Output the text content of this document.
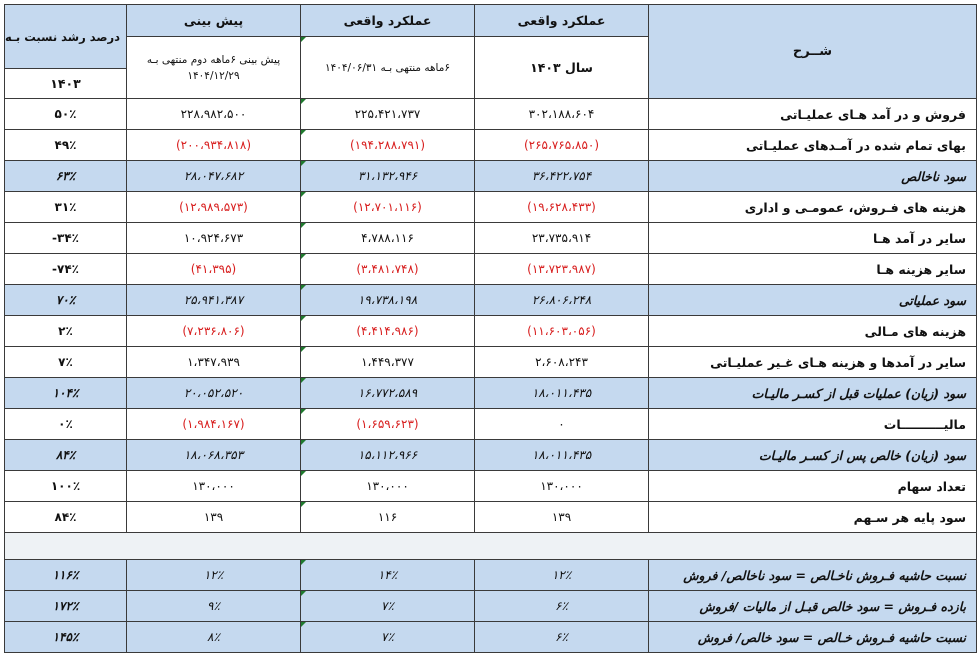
درصد رشد نسبت بـه	پیش بینی	عملکرد واقعی	عملکرد واقعی	شــرح
	پیش بینی ۶ماهه دوم منتهی بـه ۱۴۰۴/۱۲/۲۹	۶ماهه منتهی بـه ۱۴۰۴/۰۶/۳۱	سال ۱۴۰۳	
۱۴۰۳				
۵۰٪	۲۲۸،۹۸۲،۵۰۰	۲۲۵،۴۲۱،۷۳۷	۳۰۲،۱۸۸،۶۰۴	فروش و در آمد هـای عملیـاتی
۴۹٪	(۲۰۰،۹۳۴،۸۱۸)	(۱۹۴،۲۸۸،۷۹۱)	(۲۶۵،۷۶۵،۸۵۰)	بهای تمام شده در آمـدهای عملیـاتی
۶۳٪	۲۸،۰۴۷،۶۸۲	۳۱،۱۳۲،۹۴۶	۳۶،۴۲۲،۷۵۴	سود ناخالص
۳۱٪	(۱۲،۹۸۹،۵۷۳)	(۱۲،۷۰۱،۱۱۶)	(۱۹،۶۲۸،۴۳۳)	هزینه های فـروش، عمومـی و اداری
-۳۴٪	۱۰،۹۲۴،۶۷۳	۴،۷۸۸،۱۱۶	۲۳،۷۳۵،۹۱۴	سایر در آمد هـا
-۷۴٪	(۴۱،۳۹۵)	(۳،۴۸۱،۷۴۸)	(۱۳،۷۲۳،۹۸۷)	سایر هزینه هـا
۷۰٪	۲۵،۹۴۱،۳۸۷	۱۹،۷۳۸،۱۹۸	۲۶،۸۰۶،۲۴۸	سود عملیاتی
۲٪	(۷،۲۳۶،۸۰۶)	(۴،۴۱۴،۹۸۶)	(۱۱،۶۰۳،۰۵۶)	هزینه های مـالی
۷٪	۱،۳۴۷،۹۳۹	۱،۴۴۹،۳۷۷	۲،۶۰۸،۲۴۳	سایر در آمدها و هزینه هـای غـیر عملیـاتی
۱۰۴٪	۲۰،۰۵۲،۵۲۰	۱۶،۷۷۲،۵۸۹	۱۸،۰۱۱،۴۳۵	سود (زیان) عملیات قبل از کسـر مالیـات
۰٪	(۱،۹۸۴،۱۶۷)	(۱،۶۵۹،۶۲۳)	۰	مالیــــــــــات
۸۴٪	۱۸،۰۶۸،۳۵۳	۱۵،۱۱۲،۹۶۶	۱۸،۰۱۱،۴۳۵	سود (زیان) خالص پس از کسـر مالیـات
۱۰۰٪	۱۳۰،۰۰۰	۱۳۰،۰۰۰	۱۳۰،۰۰۰	تعداد سهام
۸۴٪	۱۳۹	۱۱۶	۱۳۹	سود پایه هر سـهم

۱۱۶٪	۱۲٪	۱۴٪	۱۲٪	نسبت حاشیه فـروش ناخـالص = سود ناخالص/ فروش
۱۷۲٪	۹٪	۷٪	۶٪	بازده فـروش = سود خالص قبـل از مالیات /فروش
۱۴۵٪	۸٪	۷٪	۶٪	نسبت حاشیه فـروش خـالص = سود خالص/ فروش
